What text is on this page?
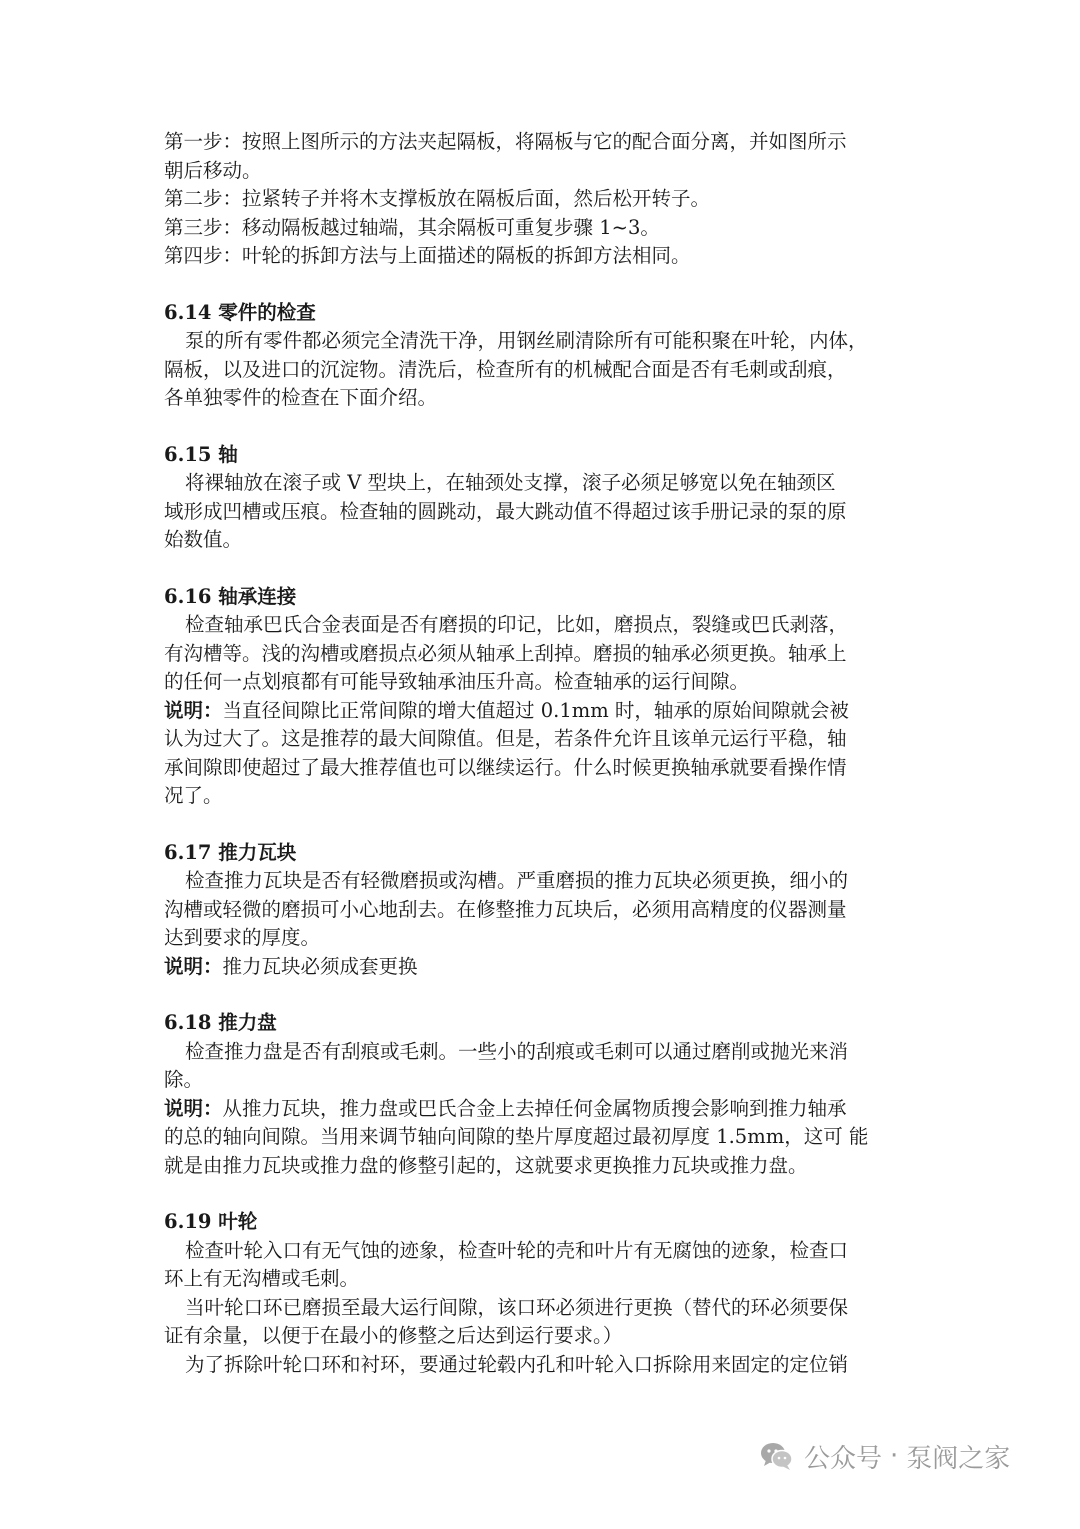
第一步：按照上图所示的方法夹起隔板，将隔板与它的配合面分离，并如图所示
朝后移动。
第二步：拉紧转子并将木支撑板放在隔板后面，然后松开转子。
第三步：移动隔板越过轴端，其余隔板可重复步骤 1~3。
第四步：叶轮的拆卸方法与上面描述的隔板的拆卸方法相同。
6.14 零件的检查
泵的所有零件都必须完全清洗干净，用钢丝刷清除所有可能积聚在叶轮，内体，
隔板，以及进口的沉淀物。清洗后，检查所有的机械配合面是否有毛刺或刮痕，
各单独零件的检查在下面介绍。
6.15 轴
将裸轴放在滚子或 V 型块上，在轴颈处支撑，滚子必须足够宽以免在轴颈区
域形成凹槽或压痕。检查轴的圆跳动，最大跳动值不得超过该手册记录的泵的原
始数值。
6.16 轴承连接
检查轴承巴氏合金表面是否有磨损的印记，比如，磨损点，裂缝或巴氏剥落，
有沟槽等。浅的沟槽或磨损点必须从轴承上刮掉。磨损的轴承必须更换。轴承上
的任何一点划痕都有可能导致轴承油压升高。检查轴承的运行间隙。
说明：当直径间隙比正常间隙的增大值超过 0.1mm 时，轴承的原始间隙就会被
认为过大了。这是推荐的最大间隙值。但是，若条件允许且该单元运行平稳，轴
承间隙即使超过了最大推荐值也可以继续运行。什么时候更换轴承就要看操作情
况了。
6.17 推力瓦块
检查推力瓦块是否有轻微磨损或沟槽。严重磨损的推力瓦块必须更换，细小的
沟槽或轻微的磨损可小心地刮去。在修整推力瓦块后，必须用高精度的仪器测量
达到要求的厚度。
说明：推力瓦块必须成套更换
6.18 推力盘
检查推力盘是否有刮痕或毛刺。一些小的刮痕或毛刺可以通过磨削或抛光来消
除。
说明：从推力瓦块，推力盘或巴氏合金上去掉任何金属物质搜会影响到推力轴承
的总的轴向间隙。当用来调节轴向间隙的垫片厚度超过最初厚度 1.5mm，这可 能
就是由推力瓦块或推力盘的修整引起的，这就要求更换推力瓦块或推力盘。
6.19 叶轮
检查叶轮入口有无气蚀的迹象，检查叶轮的壳和叶片有无腐蚀的迹象，检查口
环上有无沟槽或毛刺。
当叶轮口环已磨损至最大运行间隙，该口环必须进行更换（替代的环必须要保
证有余量，以便于在最小的修整之后达到运行要求。）
为了拆除叶轮口环和衬环，要通过轮毂内孔和叶轮入口拆除用来固定的定位销
公众号 · 泵阀之家
